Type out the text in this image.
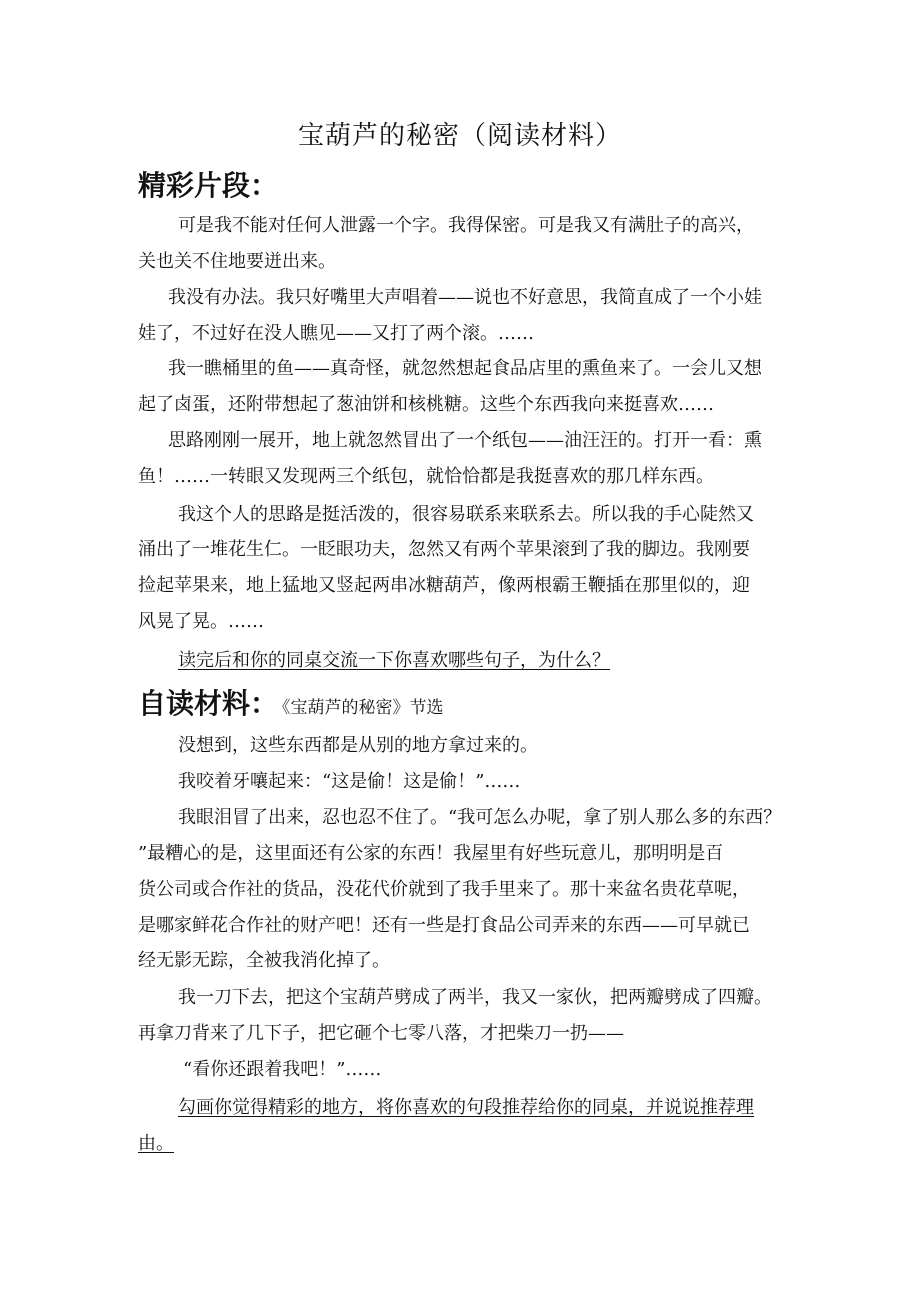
宝葫芦的秘密（阅读材料）
精彩片段：
可是我不能对任何人泄露一个字。我得保密。可是我又有满肚子的高兴，
关也关不住地要迸出来。
我没有办法。我只好嘴里大声唱着——说也不好意思，我简直成了一个小娃
娃了，不过好在没人瞧见——又打了两个滚。……
我一瞧桶里的鱼——真奇怪，就忽然想起食品店里的熏鱼来了。一会儿又想
起了卤蛋，还附带想起了葱油饼和核桃糖。这些个东西我向来挺喜欢……
思路刚刚一展开，地上就忽然冒出了一个纸包——油汪汪的。打开一看：熏
鱼！……一转眼又发现两三个纸包，就恰恰都是我挺喜欢的那几样东西。
我这个人的思路是挺活泼的，很容易联系来联系去。所以我的手心陡然又
涌出了一堆花生仁。一眨眼功夫，忽然又有两个苹果滚到了我的脚边。我刚要
捡起苹果来，地上猛地又竖起两串冰糖葫芦，像两根霸王鞭插在那里似的，迎
风晃了晃。……
读完后和你的同桌交流一下你喜欢哪些句子，为什么？
自读材料： 《宝葫芦的秘密》节选
没想到，这些东西都是从别的地方拿过来的。
我咬着牙嚷起来：“这是偷！这是偷！”……
我眼泪冒了出来，忍也忍不住了。“我可怎么办呢，拿了别人那么多的东西？
”最糟心的是，这里面还有公家的东西！我屋里有好些玩意儿，那明明是百
货公司或合作社的货品，没花代价就到了我手里来了。那十来盆名贵花草呢，
是哪家鲜花合作社的财产吧！还有一些是打食品公司弄来的东西——可早就已
经无影无踪，全被我消化掉了。
我一刀下去，把这个宝葫芦劈成了两半，我又一家伙，把两瓣劈成了四瓣。
再拿刀背来了几下子，把它砸个七零八落，才把柴刀一扔——
“看你还跟着我吧！”……
勾画你觉得精彩的地方，将你喜欢的句段推荐给你的同桌，并说说推荐理
由。
